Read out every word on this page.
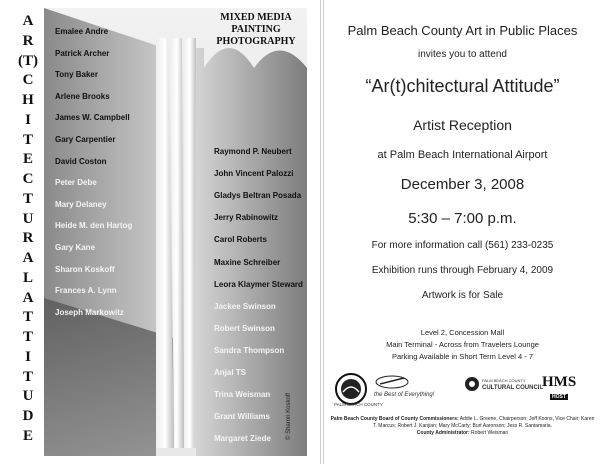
A
R
(T)
C
H
I
T
E
C
T
U
R
A
L
A
T
T
I
T
U
D
E
MIXED MEDIA
PAINTING
PHOTOGRAPHY
Emalee Andre
Patrick Archer
Tony Baker
Arlene Brooks
James W. Campbell
Gary Carpentier
David Coston
Peter Debe
Mary Delaney
Heide M. den Hartog
Gary Kane
Sharon Koskoff
Frances A. Lynn
Joseph Markowitz
Raymond P. Neubert
John Vincent Palozzi
Gladys Beltran Posada
Jerry Rabinowitz
Carol Roberts
Maxine Schreiber
Leora Klaymer Steward
Jackee Swinson
Robert Swinson
Sandra Thompson
Anjal TS
Trina Weisman
Grant Williams
Margaret Ziede	© Sharon Koskoff
Palm Beach County Art in Public Places
invites you to attend
“Ar(t)chitectural Attitude”
Artist Reception
at Palm Beach International Airport
December 3, 2008
5:30 – 7:00 p.m.
For more information call (561) 233-0235
Exhibition runs through February 4, 2009
Artwork is for Sale
Level 2, Concession Mall
Main Terminal - Across from Travelers Lounge
Parking Available in Short Term Level 4 - 7
PALM BEACH COUNTY
the Best of Everything!
PALM BEACH COUNTY
CULTURAL COUNCIL
HMS
HOST
Palm Beach County Board of County Commissioners: Addie L. Greene, Chairperson; Jeff Koons, Vice Chair; Karen T. Marcus; Robert J. Kanjian; Mary McCarty; Burt Aaronson; Jess R. Santamaria.
County Administrator: Robert Weisman
